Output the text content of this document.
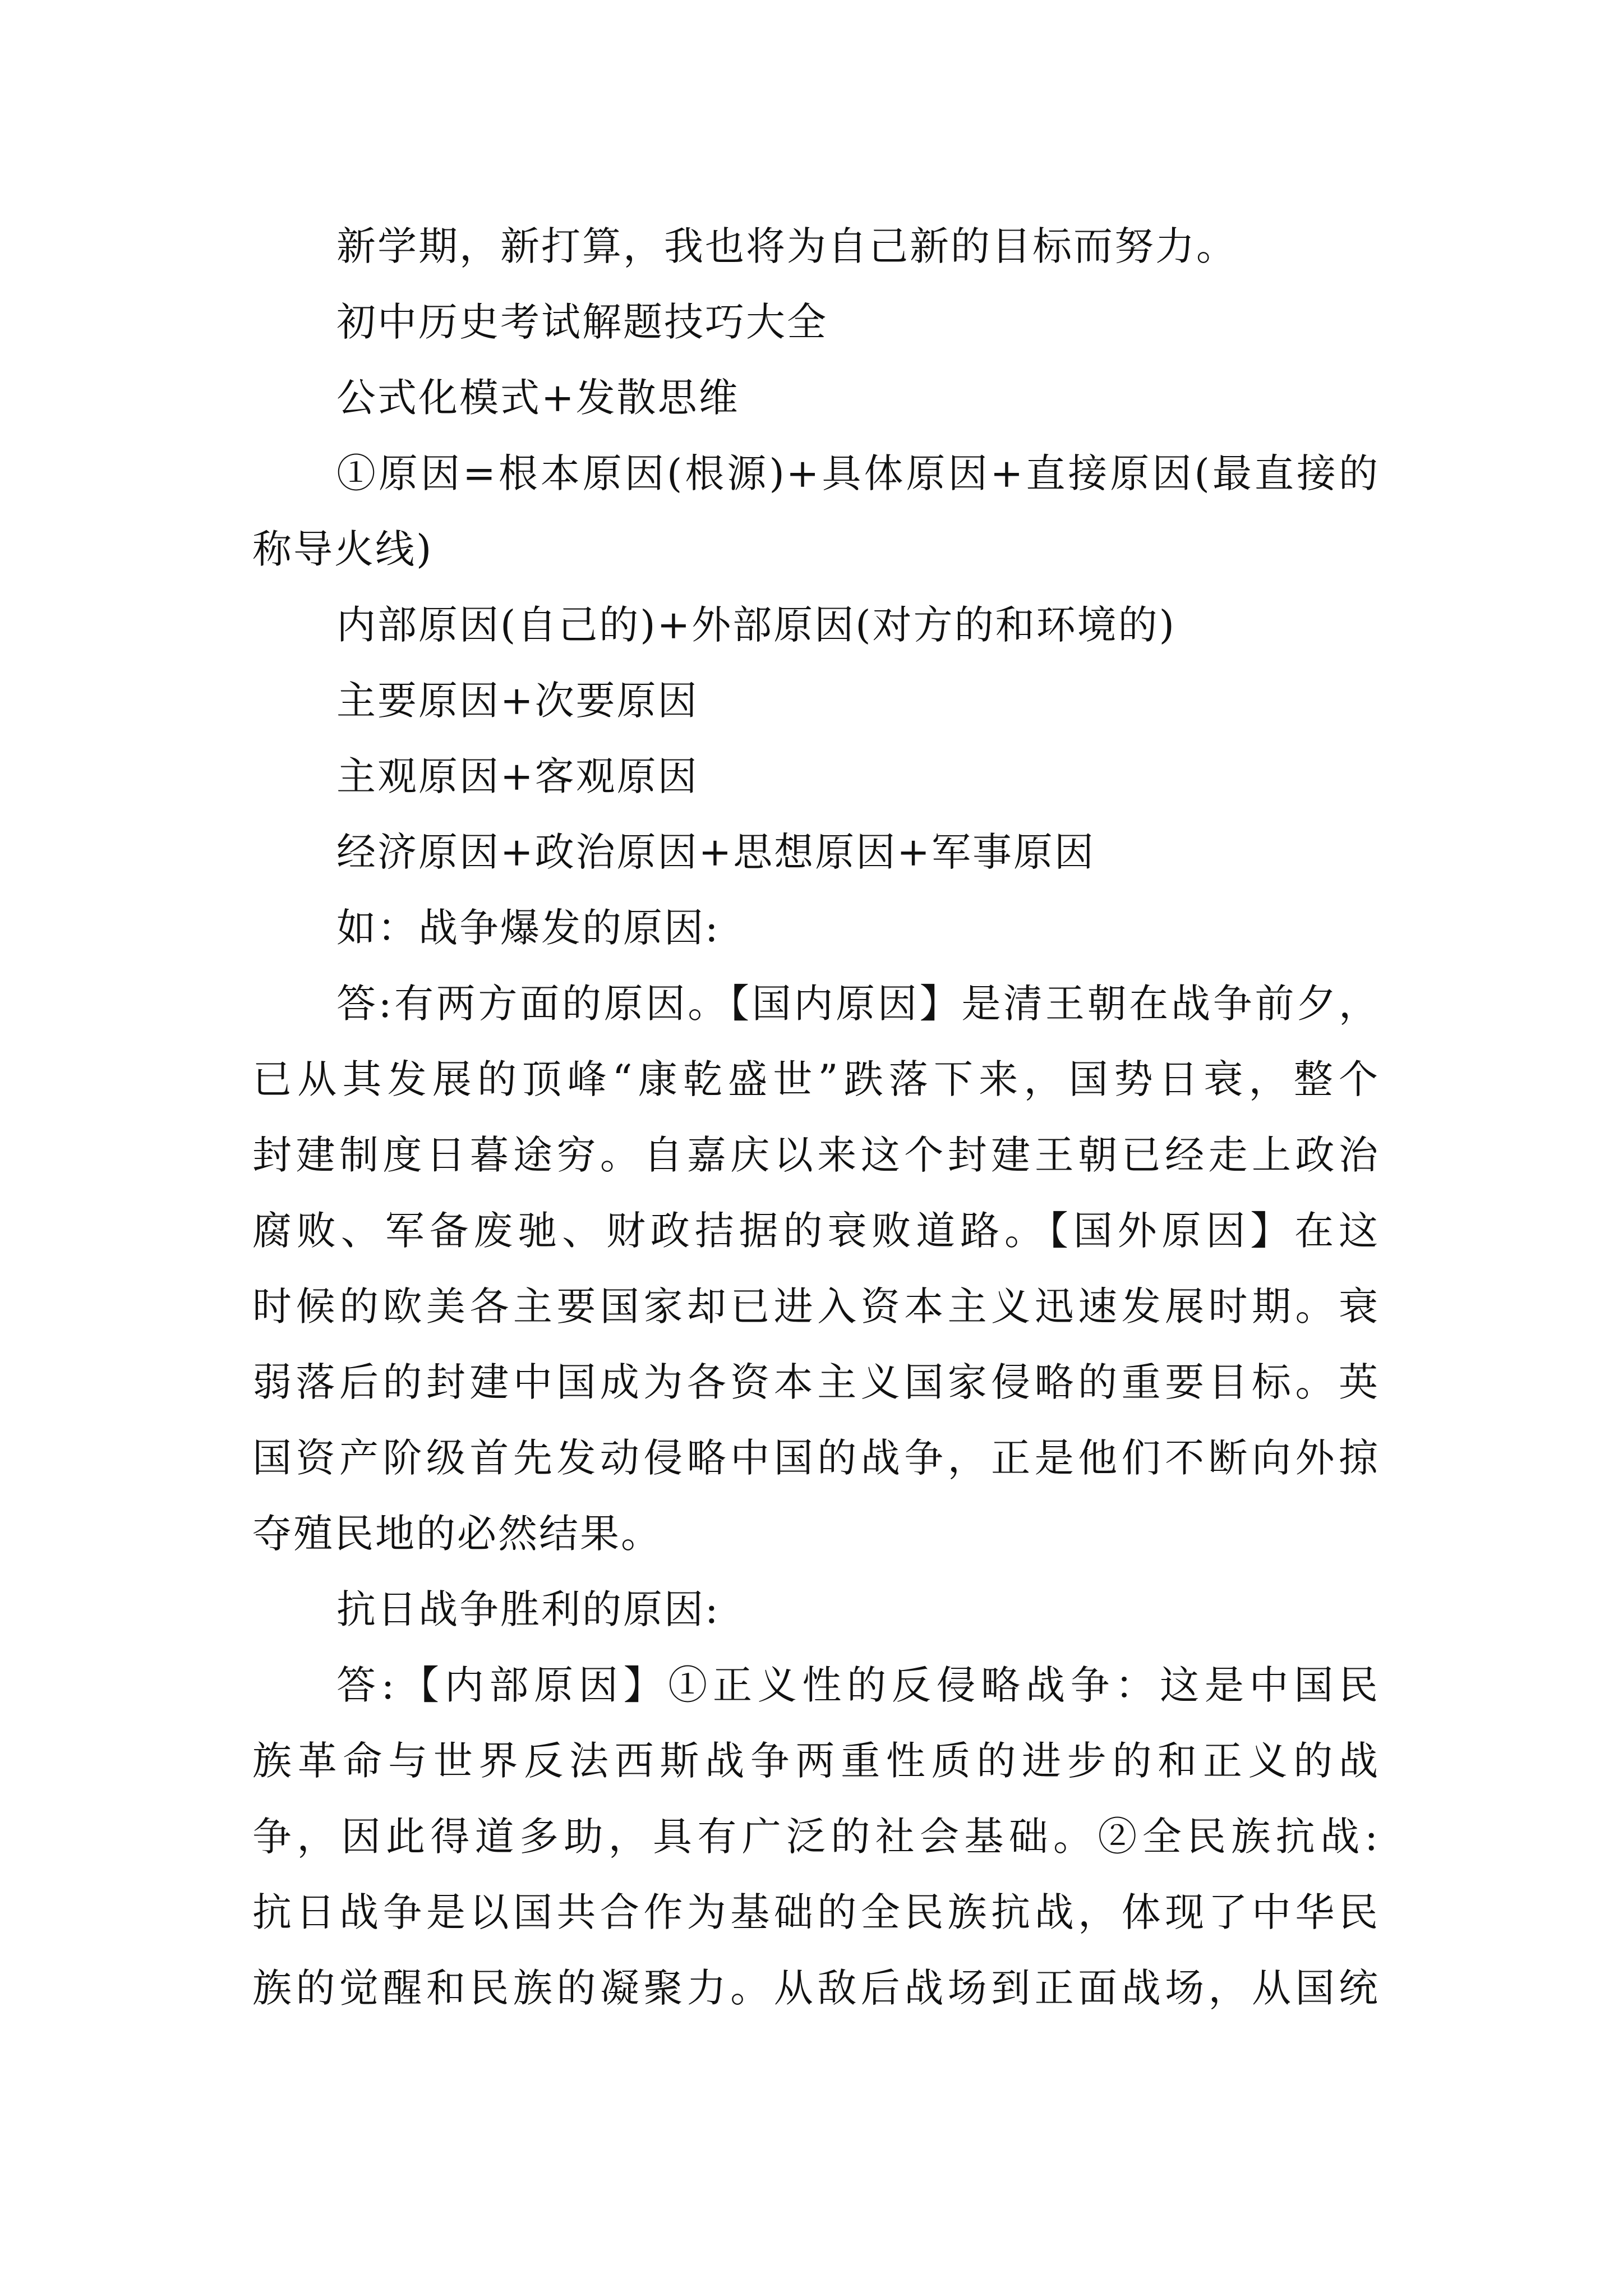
新学期，新打算，我也将为自己新的目标而努力。
初中历史考试解题技巧大全
公式化模式+发散思维
①原因=根本原因(根源)+具体原因+直接原因(最直接的
称导火线)
内部原因(自己的)+外部原因(对方的和环境的)
主要原因+次要原因
主观原因+客观原因
经济原因+政治原因+思想原因+军事原因
如：战争爆发的原因:
答:有两方面的原因。【国内原因】是清王朝在战争前夕，
已从其发展的顶峰“康乾盛世”跌落下来，国势日衰，整个
封建制度日暮途穷。自嘉庆以来这个封建王朝已经走上政治
腐败、军备废驰、财政拮据的衰败道路。【国外原因】在这
时候的欧美各主要国家却已进入资本主义迅速发展时期。衰
弱落后的封建中国成为各资本主义国家侵略的重要目标。英
国资产阶级首先发动侵略中国的战争，正是他们不断向外掠
夺殖民地的必然结果。
抗日战争胜利的原因:
答:【内部原因】①正义性的反侵略战争：这是中国民
族革命与世界反法西斯战争两重性质的进步的和正义的战
争，因此得道多助，具有广泛的社会基础。②全民族抗战:
抗日战争是以国共合作为基础的全民族抗战，体现了中华民
族的觉醒和民族的凝聚力。从敌后战场到正面战场，从国统
